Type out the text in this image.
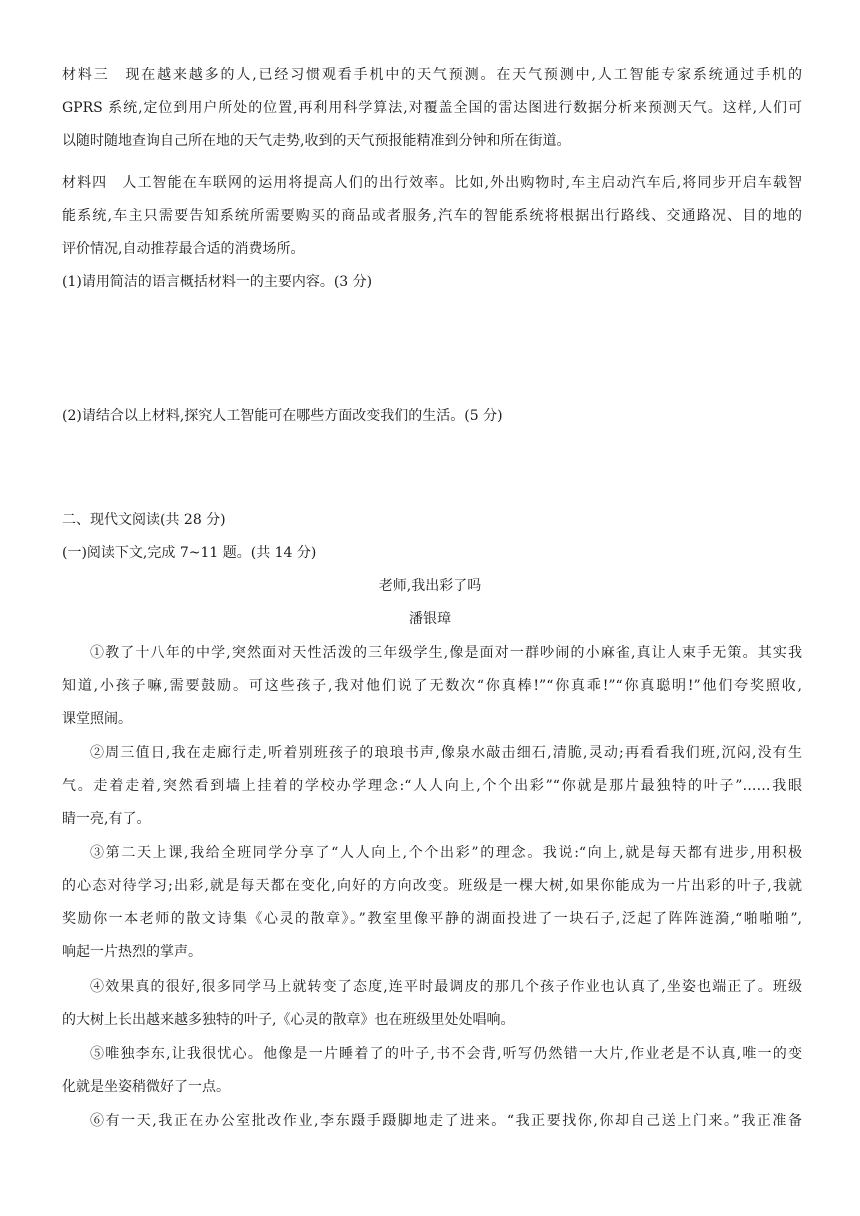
材料三　现在越来越多的人,已经习惯观看手机中的天气预测。在天气预测中,人工智能专家系统通过手机的
GPRS 系统,定位到用户所处的位置,再利用科学算法,对覆盖全国的雷达图进行数据分析来预测天气。这样,人们可
以随时随地查询自己所在地的天气走势,收到的天气预报能精准到分钟和所在街道。
材料四　人工智能在车联网的运用将提高人们的出行效率。比如,外出购物时,车主启动汽车后,将同步开启车载智
能系统,车主只需要告知系统所需要购买的商品或者服务,汽车的智能系统将根据出行路线、交通路况、目的地的
评价情况,自动推荐最合适的消费场所。
(1)请用简洁的语言概括材料一的主要内容。(3 分)
(2)请结合以上材料,探究人工智能可在哪些方面改变我们的生活。(5 分)
二、现代文阅读(共 28 分)
(一)阅读下文,完成 7~11 题。(共 14 分)
老师,我出彩了吗
潘银璋
①教了十八年的中学,突然面对天性活泼的三年级学生,像是面对一群吵闹的小麻雀,真让人束手无策。其实我
知道,小孩子嘛,需要鼓励。可这些孩子,我对他们说了无数次“你真棒!”“你真乖!”“你真聪明!”他们夸奖照收,
课堂照闹。
②周三值日,我在走廊行走,听着别班孩子的琅琅书声,像泉水敲击细石,清脆,灵动;再看看我们班,沉闷,没有生
气。走着走着,突然看到墙上挂着的学校办学理念:“人人向上,个个出彩”“你就是那片最独特的叶子”……我眼
睛一亮,有了。
③第二天上课,我给全班同学分享了“人人向上,个个出彩”的理念。我说:“向上,就是每天都有进步,用积极
的心态对待学习;出彩,就是每天都在变化,向好的方向改变。班级是一棵大树,如果你能成为一片出彩的叶子,我就
奖励你一本老师的散文诗集《心灵的散章》。”教室里像平静的湖面投进了一块石子,泛起了阵阵涟漪,“啪啪啪”,
响起一片热烈的掌声。
④效果真的很好,很多同学马上就转变了态度,连平时最调皮的那几个孩子作业也认真了,坐姿也端正了。班级
的大树上长出越来越多独特的叶子,《心灵的散章》也在班级里处处唱响。
⑤唯独李东,让我很忧心。他像是一片睡着了的叶子,书不会背,听写仍然错一大片,作业老是不认真,唯一的变
化就是坐姿稍微好了一点。
⑥有一天,我正在办公室批改作业,李东蹑手蹑脚地走了进来。“我正要找你,你却自己送上门来。”我正准备
